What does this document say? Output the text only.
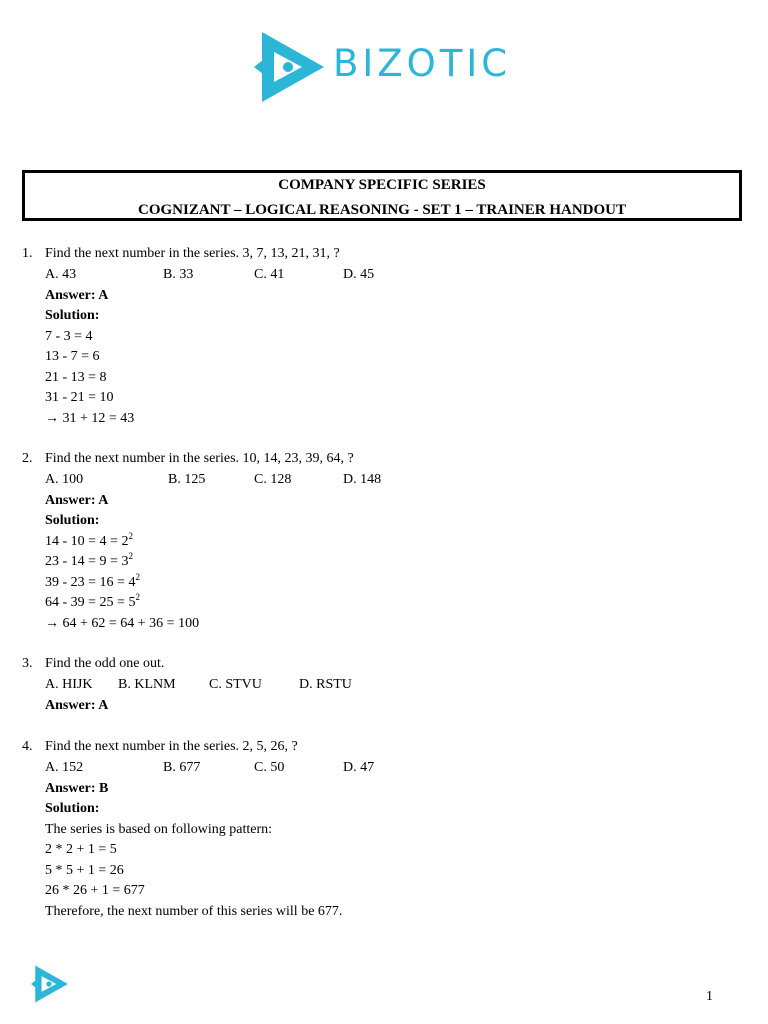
BIZOTIC
COMPANY SPECIFIC SERIES
COGNIZANT – LOGICAL REASONING - SET 1 – TRAINER HANDOUT
1. Find the next number in the series. 3, 7, 13, 21, 31, ?
A. 43	B. 33	C. 41	D. 45
Answer: A
Solution:
7 - 3 = 4
13 - 7 = 6
21 - 13 = 8
31 - 21 = 10
→ 31 + 12 = 43
2. Find the next number in the series. 10, 14, 23, 39, 64, ?
A. 100	B. 125	C. 128	D. 148
Answer: A
Solution:
$14 - 10 = 4 = 2^2$
$23 - 14 = 9 = 3^2$
$39 - 23 = 16 = 4^2$
$64 - 39 = 25 = 5^2$
→ 64 + 62 = 64 + 36 = 100
3. Find the odd one out.
A. HIJK B. KLNM C. STVU	D. RSTU
Answer: A
4. Find the next number in the series. 2, 5, 26, ?
A. 152	B. 677	C. 50	D. 47
Answer: B
Solution:
The series is based on following pattern:
2 * 2 + 1 = 5
5 * 5 + 1 = 26
26 * 26 + 1 = 677
Therefore, the next number of this series will be 677.
1
